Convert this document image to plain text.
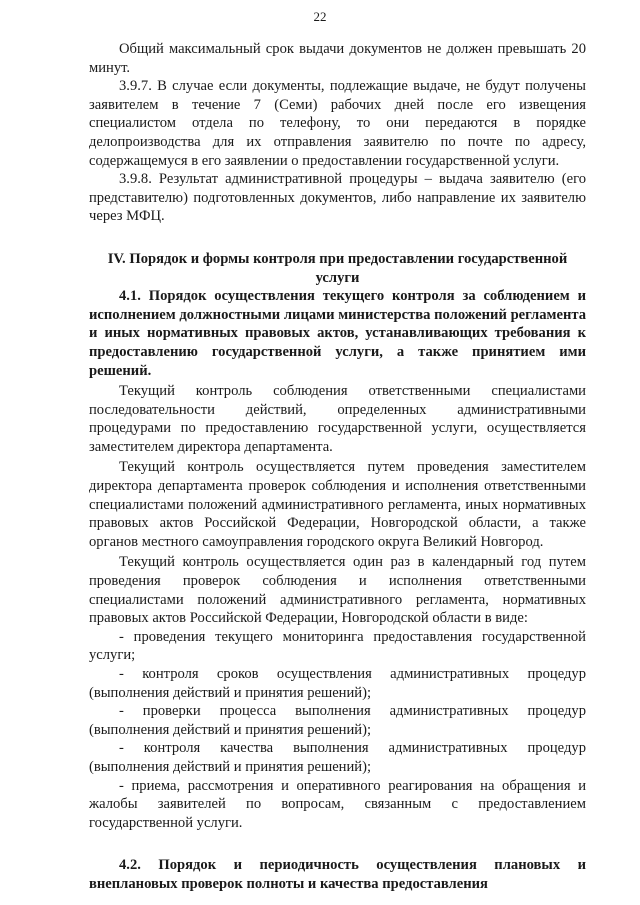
22

Общий максимальный срок выдачи документов не должен превышать 20 минут.

3.9.7. В случае если документы, подлежащие выдаче, не будут получены заявителем в течение 7 (Семи) рабочих дней после его извещения специалистом отдела по телефону, то они передаются в порядке делопроизводства для их отправления заявителю по почте по адресу, содержащемуся в его заявлении о предоставлении государственной услуги.

3.9.8. Результат административной процедуры – выдача заявителю (его представителю) подготовленных документов, либо направление их заявителю через МФЦ.

IV. Порядок и формы контроля при предоставлении государственной услуги

4.1. Порядок осуществления текущего контроля за соблюдением и исполнением должностными лицами министерства положений регламента и иных нормативных правовых актов, устанавливающих требования к предоставлению государственной услуги, а также принятием ими решений.

Текущий контроль соблюдения ответственными специалистами последовательности действий, определенных административными процедурами по предоставлению государственной услуги, осуществляется заместителем директора департамента.

Текущий контроль осуществляется путем проведения заместителем директора департамента проверок соблюдения и исполнения ответственными специалистами положений административного регламента, иных нормативных правовых актов Российской Федерации, Новгородской области, а также органов местного самоуправления городского округа Великий Новгород.

Текущий контроль осуществляется один раз в календарный год путем проведения проверок соблюдения и исполнения ответственными специалистами положений административного регламента, нормативных правовых актов Российской Федерации, Новгородской области в виде:

- проведения текущего мониторинга предоставления государственной услуги;

- контроля сроков осуществления административных процедур (выполнения действий и принятия решений);

- проверки процесса выполнения административных процедур (выполнения действий и принятия решений);

- контроля качества выполнения административных процедур (выполнения действий и принятия решений);

- приема, рассмотрения и оперативного реагирования на обращения и жалобы заявителей по вопросам, связанным с предоставлением государственной услуги.

4.2. Порядок и периодичность осуществления плановых и внеплановых проверок полноты и качества предоставления
